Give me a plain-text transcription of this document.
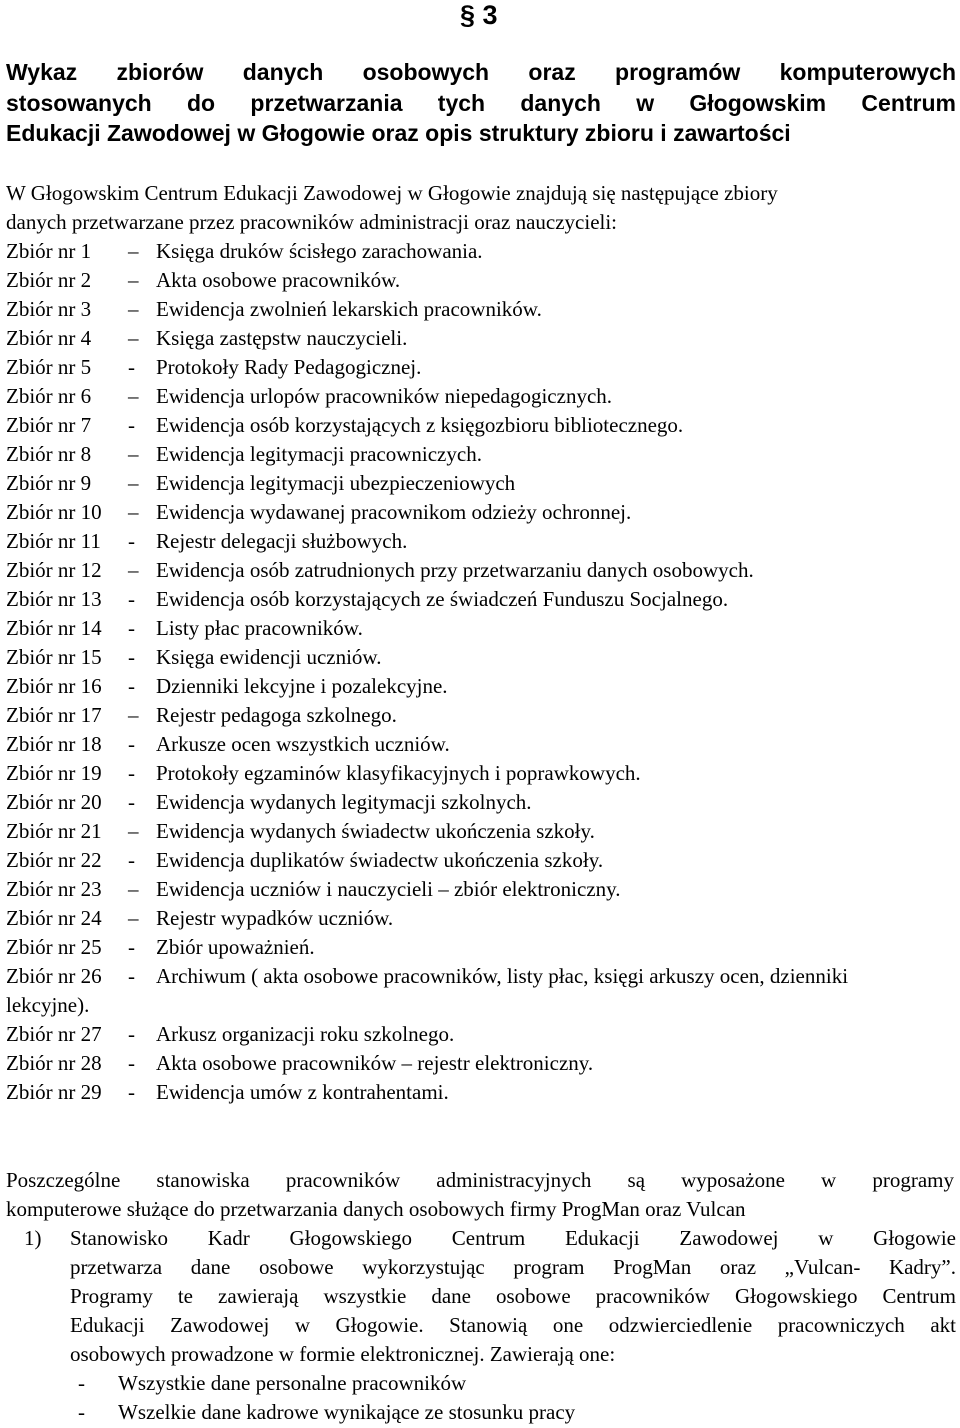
§ 3
Wykaz zbiorów danych osobowych oraz programów komputerowych
stosowanych do przetwarzania tych danych w Głogowskim Centrum
Edukacji Zawodowej w Głogowie oraz opis struktury zbioru i zawartości

W Głogowskim Centrum Edukacji Zawodowej w Głogowie znajdują się następujące zbiory
danych przetwarzane przez pracowników administracji oraz nauczycieli:

Zbiór nr 1 – Księga druków ścisłego zarachowania.
Zbiór nr 2 – Akta osobowe pracowników.
Zbiór nr 3 – Ewidencja zwolnień lekarskich pracowników.
Zbiór nr 4 – Księga zastępstw nauczycieli.
Zbiór nr 5 - Protokoły Rady Pedagogicznej.
Zbiór nr 6 – Ewidencja urlopów pracowników niepedagogicznych.
Zbiór nr 7 - Ewidencja osób korzystających z księgozbioru bibliotecznego.
Zbiór nr 8 – Ewidencja legitymacji pracowniczych.
Zbiór nr 9 – Ewidencja legitymacji ubezpieczeniowych
Zbiór nr 10 – Ewidencja wydawanej pracownikom odzieży ochronnej.
Zbiór nr 11 - Rejestr delegacji służbowych.
Zbiór nr 12 – Ewidencja osób zatrudnionych przy przetwarzaniu danych osobowych.
Zbiór nr 13 - Ewidencja osób korzystających ze świadczeń Funduszu Socjalnego.
Zbiór nr 14 - Listy płac pracowników.
Zbiór nr 15 - Księga ewidencji uczniów.
Zbiór nr 16 - Dzienniki lekcyjne i pozalekcyjne.
Zbiór nr 17 – Rejestr pedagoga szkolnego.
Zbiór nr 18 - Arkusze ocen wszystkich uczniów.
Zbiór nr 19 - Protokoły egzaminów klasyfikacyjnych i poprawkowych.
Zbiór nr 20 - Ewidencja wydanych legitymacji szkolnych.
Zbiór nr 21 – Ewidencja wydanych świadectw ukończenia szkoły.
Zbiór nr 22 - Ewidencja duplikatów świadectw ukończenia szkoły.
Zbiór nr 23 – Ewidencja uczniów i nauczycieli – zbiór elektroniczny.
Zbiór nr 24 – Rejestr wypadków uczniów.
Zbiór nr 25 - Zbiór upoważnień.
Zbiór nr 26 - Archiwum ( akta osobowe pracowników, listy płac, księgi arkuszy ocen, dzienniki lekcyjne).
Zbiór nr 27 - Arkusz organizacji roku szkolnego.
Zbiór nr 28 - Akta osobowe pracowników – rejestr elektroniczny.
Zbiór nr 29 - Ewidencja umów z kontrahentami.

Poszczególne stanowiska pracowników administracyjnych są wyposażone w programy
komputerowe służące do przetwarzania danych osobowych firmy ProgMan oraz Vulcan

1)	Stanowisko Kadr Głogowskiego Centrum Edukacji Zawodowej w Głogowie
przetwarza dane osobowe wykorzystując program ProgMan oraz „Vulcan- Kadry”.
Programy te zawierają wszystkie dane osobowe pracowników Głogowskiego Centrum
Edukacji Zawodowej w Głogowie. Stanowią one odzwierciedlenie pracowniczych akt
osobowych prowadzone w formie elektronicznej. Zawierają one:
- Wszystkie dane personalne pracowników
- Wszelkie dane kadrowe wynikające ze stosunku pracy
